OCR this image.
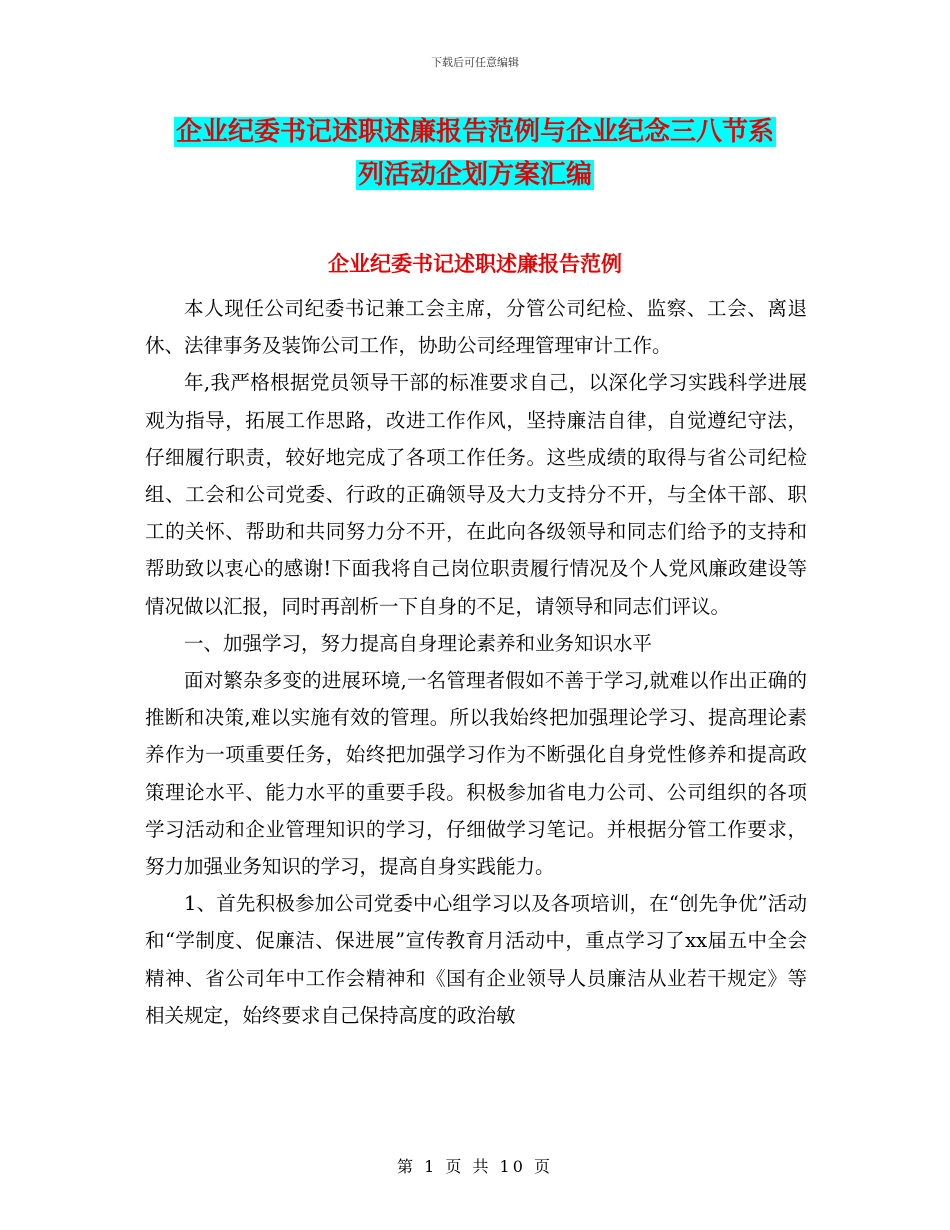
下载后可任意编辑
企业纪委书记述职述廉报告范例与企业纪念三八节系
列活动企划方案汇编
企业纪委书记述职述廉报告范例

本人现任公司纪委书记兼工会主席，分管公司纪检、监察、工会、离退休、法律事务及装饰公司工作，协助公司经理管理审计工作。

年,我严格根据党员领导干部的标准要求自己，以深化学习实践科学进展观为指导，拓展工作思路，改进工作作风，坚持廉洁自律，自觉遵纪守法，仔细履行职责，较好地完成了各项工作任务。这些成绩的取得与省公司纪检组、工会和公司党委、行政的正确领导及大力支持分不开，与全体干部、职工的关怀、帮助和共同努力分不开，在此向各级领导和同志们给予的支持和帮助致以衷心的感谢!下面我将自己岗位职责履行情况及个人党风廉政建设等情况做以汇报，同时再剖析一下自身的不足，请领导和同志们评议。

一、加强学习，努力提高自身理论素养和业务知识水平

面对繁杂多变的进展环境,一名管理者假如不善于学习,就难以作出正确的推断和决策,难以实施有效的管理。所以我始终把加强理论学习、提高理论素养作为一项重要任务，始终把加强学习作为不断强化自身党性修养和提高政策理论水平、能力水平的重要手段。积极参加省电力公司、公司组织的各项学习活动和企业管理知识的学习，仔细做学习笔记。并根据分管工作要求，努力加强业务知识的学习，提高自身实践能力。

1、首先积极参加公司党委中心组学习以及各项培训，在“创先争优”活动和“学制度、促廉洁、保进展”宣传教育月活动中，重点学习了xx届五中全会精神、省公司年中工作会精神和《国有企业领导人员廉洁从业若干规定》等相关规定，始终要求自己保持高度的政治敏

第 1 页 共 10 页
